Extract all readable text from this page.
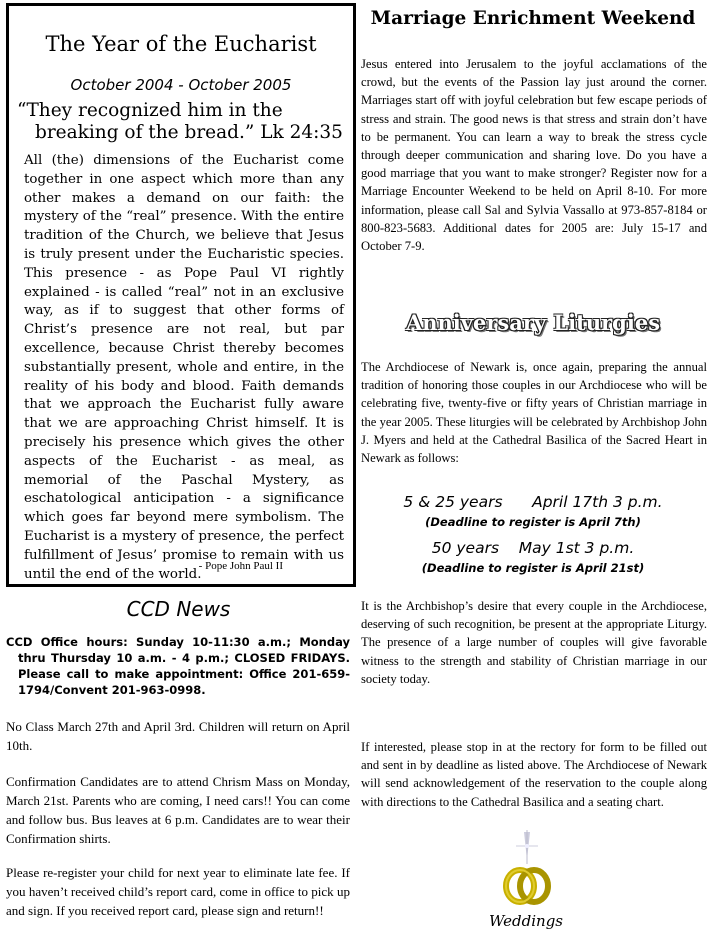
The Year of the Eucharist
October 2004 - October 2005
“They recognized him in the breaking of the bread.” Lk 24:35
All (the) dimensions of the Eucharist come together in one aspect which more than any other makes a demand on our faith: the mystery of the “real” presence. With the entire tradition of the Church, we believe that Jesus is truly present under the Eucharistic species. This presence - as Pope Paul VI rightly explained - is called “real” not in an exclusive way, as if to suggest that other forms of Christ’s presence are not real, but par excellence, because Christ thereby becomes substantially present, whole and entire, in the reality of his body and blood. Faith demands that we approach the Eucharist fully aware that we are approaching Christ himself. It is precisely his presence which gives the other aspects of the Eucharist - as meal, as memorial of the Paschal Mystery, as eschatological anticipation - a significance which goes far beyond mere symbolism. The Eucharist is a mystery of presence, the perfect fulfillment of Jesus’ promise to remain with us until the end of the world.
- Pope John Paul II
CCD News

CCD Office hours: Sunday 10-11:30 a.m.; Monday thru Thursday 10 a.m. - 4 p.m.; CLOSED FRIDAYS. Please call to make appointment: Office 201-659-1794/Convent 201-963-0998.

No Class March 27th and April 3rd. Children will return on April 10th.

Confirmation Candidates are to attend Chrism Mass on Monday, March 21st. Parents who are coming, I need cars!! You can come and follow bus. Bus leaves at 6 p.m. Candidates are to wear their Confirmation shirts.

Please re-register your child for next year to eliminate late fee. If you haven’t received child’s report card, come in office to pick up and sign. If you received report card, please sign and return!!

Marriage Enrichment Weekend

Jesus entered into Jerusalem to the joyful acclamations of the crowd, but the events of the Passion lay just around the corner. Marriages start off with joyful celebration but few escape periods of stress and strain. The good news is that stress and strain don’t have to be permanent. You can learn a way to break the stress cycle through deeper communication and sharing love. Do you have a good marriage that you want to make stronger? Register now for a Marriage Encounter Weekend to be held on April 8-10. For more information, please call Sal and Sylvia Vassallo at 973-857-8184 or 800-823-5683. Additional dates for 2005 are: July 15-17 and October 7-9.

Anniversary Liturgies

The Archdiocese of Newark is, once again, preparing the annual tradition of honoring those couples in our Archdiocese who will be celebrating five, twenty-five or fifty years of Christian marriage in the year 2005. These liturgies will be celebrated by Archbishop John J. Myers and held at the Cathedral Basilica of the Sacred Heart in Newark as follows:

5 & 25 years      April 17th 3 p.m.
(Deadline to register is April 7th)
50 years    May 1st 3 p.m.
(Deadline to register is April 21st)

It is the Archbishop’s desire that every couple in the Archdiocese, deserving of such recognition, be present at the appropriate Liturgy. The presence of a large number of couples will give favorable witness to the strength and stability of Christian marriage in our society today.

If interested, please stop in at the rectory for form to be filled out and sent in by deadline as listed above. The Archdiocese of Newark will send acknowledgement of the reservation to the couple along with directions to the Cathedral Basilica and a seating chart.

Weddings
